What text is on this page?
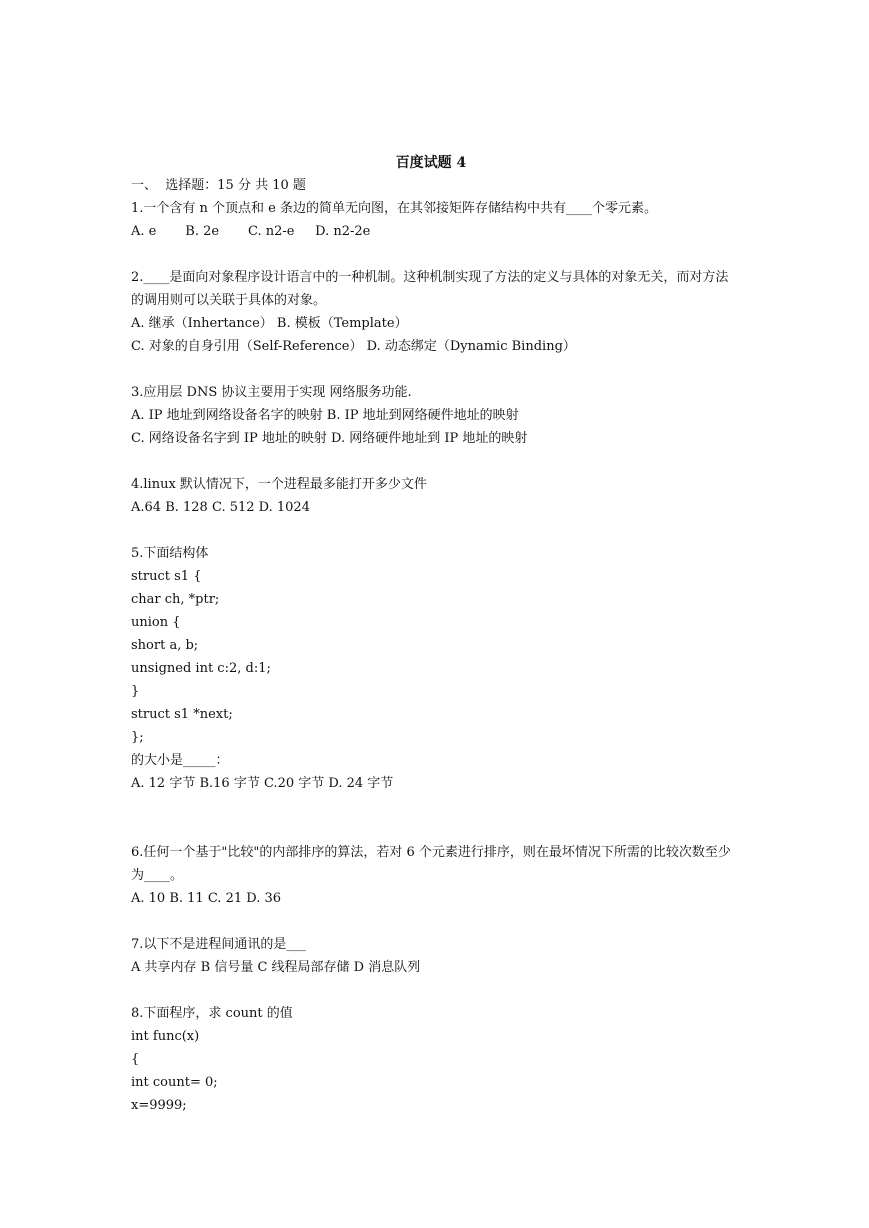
百度试题 4
一、  选择题：15 分 共 10 题
1.一个含有 n 个顶点和 e 条边的简单无向图，在其邻接矩阵存储结构中共有____个零元素。
A. e       B. 2e       C. n2-e     D. n2-2e
2.____是面向对象程序设计语言中的一种机制。这种机制实现了方法的定义与具体的对象无关，而对方法的调用则可以关联于具体的对象。
A. 继承（Inhertance） B. 模板（Template）
C. 对象的自身引用（Self-Reference） D. 动态绑定（Dynamic Binding）
3.应用层 DNS 协议主要用于实现 网络服务功能.
A. IP 地址到网络设备名字的映射 B. IP 地址到网络硬件地址的映射
C. 网络设备名字到 IP 地址的映射 D. 网络硬件地址到 IP 地址的映射
4.linux 默认情况下，一个进程最多能打开多少文件
A.64 B. 128 C. 512 D. 1024
5.下面结构体
struct s1 {
char ch, *ptr;
union {
short a, b;
unsigned int c:2, d:1;
}
struct s1 *next;
};
的大小是_____：
A. 12 字节 B.16 字节 C.20 字节 D. 24 字节
6.任何一个基于"比较"的内部排序的算法，若对 6 个元素进行排序，则在最坏情况下所需的比较次数至少为____。
A. 10 B. 11 C. 21 D. 36
7.以下不是进程间通讯的是___
A 共享内存 B 信号量 C 线程局部存储 D 消息队列
8.下面程序，求 count 的值
int func(x)
{
int count= 0;
x=9999;
